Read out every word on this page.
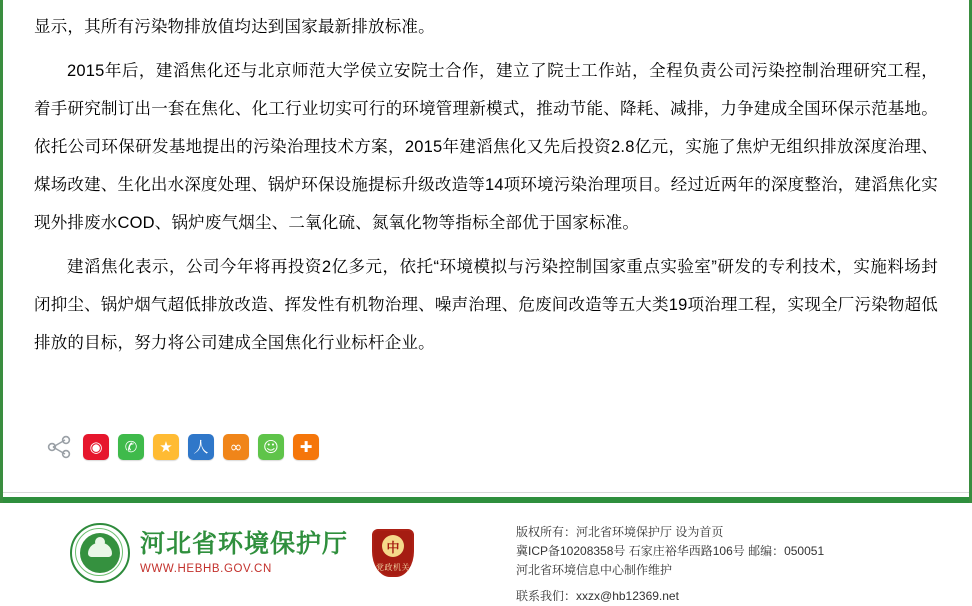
显示，其所有污染物排放值均达到国家最新排放标准。

2015年后，建滔焦化还与北京师范大学侯立安院士合作，建立了院士工作站，全程负责公司污染控制治理研究工程，着手研究制订出一套在焦化、化工行业切实可行的环境管理新模式，推动节能、降耗、减排，力争建成全国环保示范基地。依托公司环保研发基地提出的污染治理技术方案，2015年建滔焦化又先后投资2.8亿元，实施了焦炉无组织排放深度治理、煤场改建、生化出水深度处理、锅炉环保设施提标升级改造等14项环境污染治理项目。经过近两年的深度整治，建滔焦化实现外排废水COD、锅炉废气烟尘、二氧化硫、氮氧化物等指标全部优于国家标准。

建滔焦化表示，公司今年将再投资2亿多元，依托“环境模拟与污染控制国家重点实验室”研发的专利技术，实施料场封闭抑尘、锅炉烟气超低排放改造、挥发性有机物治理、噪声治理、危废间改造等五大类19项治理工程，实现全厂污染物超低排放的目标，努力将公司建成全国焦化行业标杆企业。

◉	✆	★	人	∞	☺	✚
河北省环境保护厅
WWW.HEBHB.GOV.CN
中
党政机关
版权所有：河北省环境保护厅 设为首页
冀ICP备10208358号 石家庄裕华西路106号 邮编：050051
河北省环境信息中心制作维护
联系我们：xxzx@hb12369.net
